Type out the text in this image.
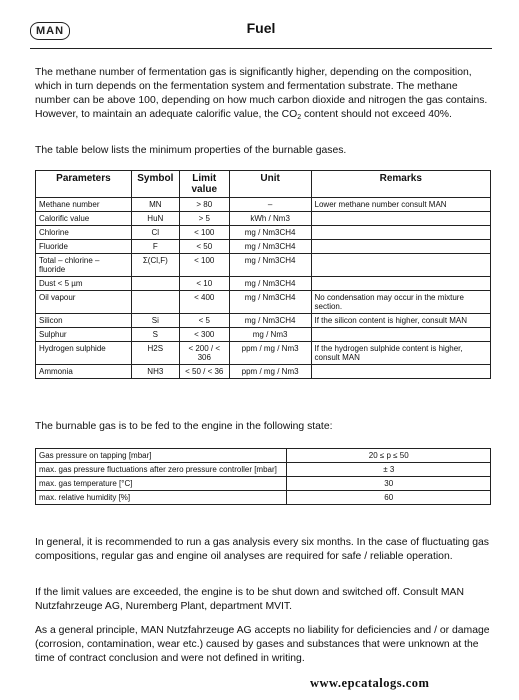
MAN	Fuel

The methane number of fermentation gas is significantly higher, depending on the composition, which in turn depends on the fermentation system and fermentation substrate. The methane number can be above 100, depending on how much carbon dioxide and nitrogen the gas contains. However, to maintain an adequate calorific value, the $CO_2$ content should not exceed 40%.

The table below lists the minimum properties of the burnable gases.

Parameters	Symbol	Limit value	Unit	Remarks
Methane number	MN	> 80	–	Lower methane number consult MAN
Calorific value	HuN	> 5	kWh / Nm3	
Chlorine	Cl	< 100	mg / Nm3CH4	
Fluoride	F	< 50	mg / Nm3CH4	
Total – chlorine – fluoride	Σ(Cl,F)	< 100	mg / Nm3CH4	
Dust < 5 µm		< 10	mg / Nm3CH4	
Oil vapour		< 400	mg / Nm3CH4	No condensation may occur in the mixture section.
Silicon	Si	< 5	mg / Nm3CH4	If the silicon content is higher, consult MAN
Sulphur	S	< 300	mg / Nm3	
Hydrogen sulphide	H2S	< 200 / < 306	ppm / mg / Nm3	If the hydrogen sulphide content is higher, consult MAN
Ammonia	NH3	< 50 / < 36	ppm / mg / Nm3	

The burnable gas is to be fed to the engine in the following state:

Gas pressure on tapping [mbar]	20 ≤ p ≤ 50
max. gas pressure fluctuations after zero pressure controller [mbar]	± 3
max. gas temperature [°C]	30
max. relative humidity [%]	60

In general, it is recommended to run a gas analysis every six months. In the case of fluctuating gas compositions, regular gas and engine oil analyses are required for safe / reliable operation.

If the limit values are exceeded, the engine is to be shut down and switched off. Consult MAN Nutzfahrzeuge AG, Nuremberg Plant, department MVIT.

As a general principle, MAN Nutzfahrzeuge AG accepts no liability for deficiencies and / or damage (corrosion, contamination, wear etc.) caused by gases and substances that were unknown at the time of contract conclusion and were not defined in writing.

www.epcatalogs.com
